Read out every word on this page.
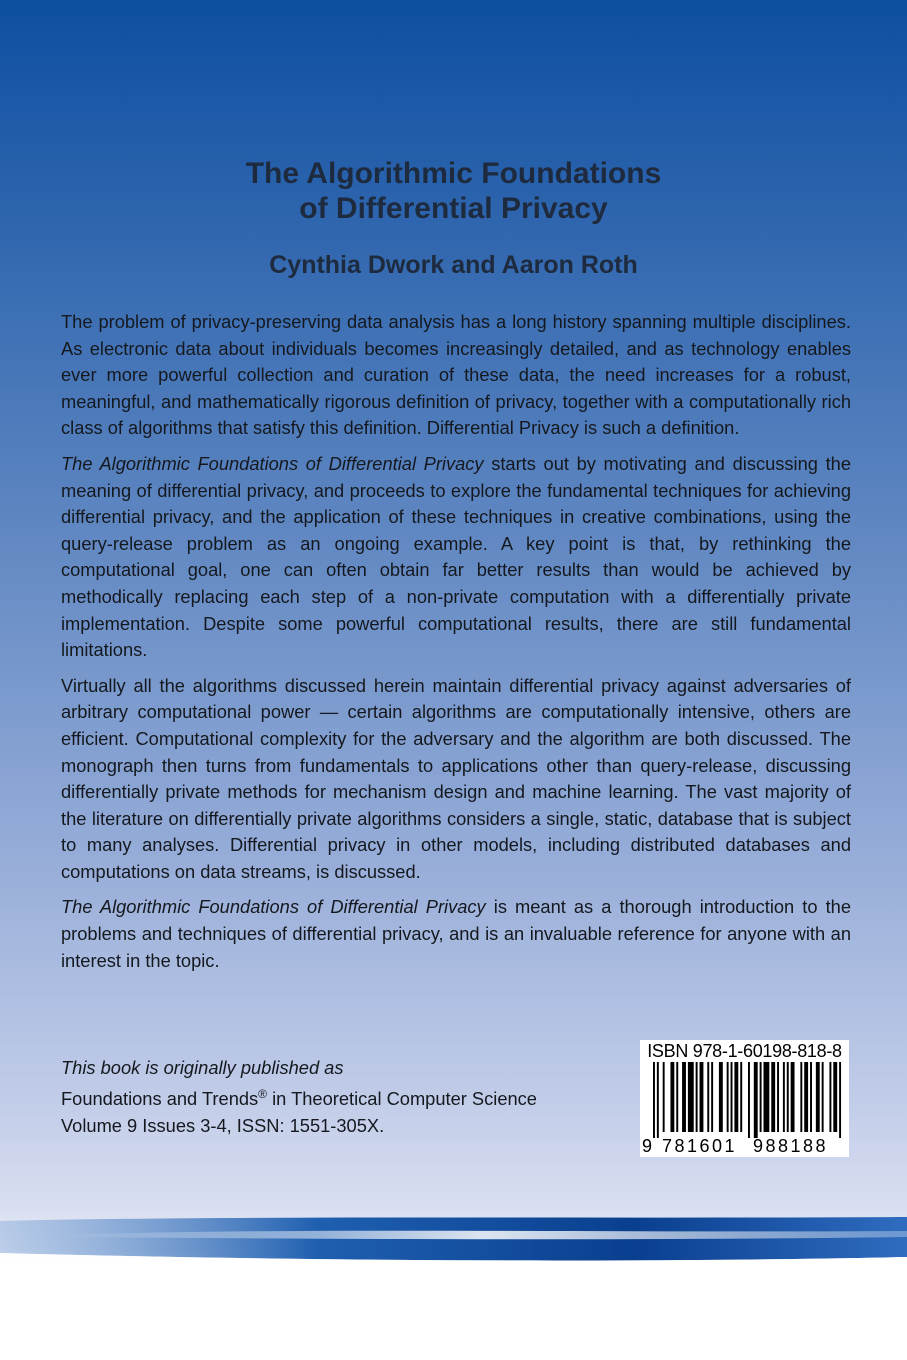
The Algorithmic Foundations
of Differential Privacy
Cynthia Dwork and Aaron Roth

The problem of privacy-preserving data analysis has a long history spanning multiple disciplines. As electronic data about individuals becomes increasingly detailed, and as technology enables ever more powerful collection and curation of these data, the need increases for a robust, meaningful, and mathematically rigorous definition of privacy, together with a computationally rich class of algorithms that satisfy this definition. Differential Privacy is such a definition.

The Algorithmic Foundations of Differential Privacy starts out by motivating and discussing the meaning of differential privacy, and proceeds to explore the fundamental techniques for achieving differential privacy, and the application of these techniques in creative combinations, using the query-release problem as an ongoing example. A key point is that, by rethinking the computational goal, one can often obtain far better results than would be achieved by methodically replacing each step of a non-private computation with a differentially private implementation. Despite some powerful computational results, there are still fundamental limitations.

Virtually all the algorithms discussed herein maintain differential privacy against adversaries of arbitrary computational power — certain algorithms are computationally intensive, others are efficient. Computational complexity for the adversary and the algorithm are both discussed. The monograph then turns from fundamentals to applications other than query-release, discussing differentially private methods for mechanism design and machine learning. The vast majority of the literature on differentially private algorithms considers a single, static, database that is subject to many analyses. Differential privacy in other models, including distributed databases and computations on data streams, is discussed.

The Algorithmic Foundations of Differential Privacy is meant as a thorough introduction to the problems and techniques of differential privacy, and is an invaluable reference for anyone with an interest in the topic.

This book is originally published as
Foundations and Trends® in Theoretical Computer Science
Volume 9 Issues 3-4, ISSN: 1551-305X.
ISBN 978-1-60198-818-8
9 781601 988188
